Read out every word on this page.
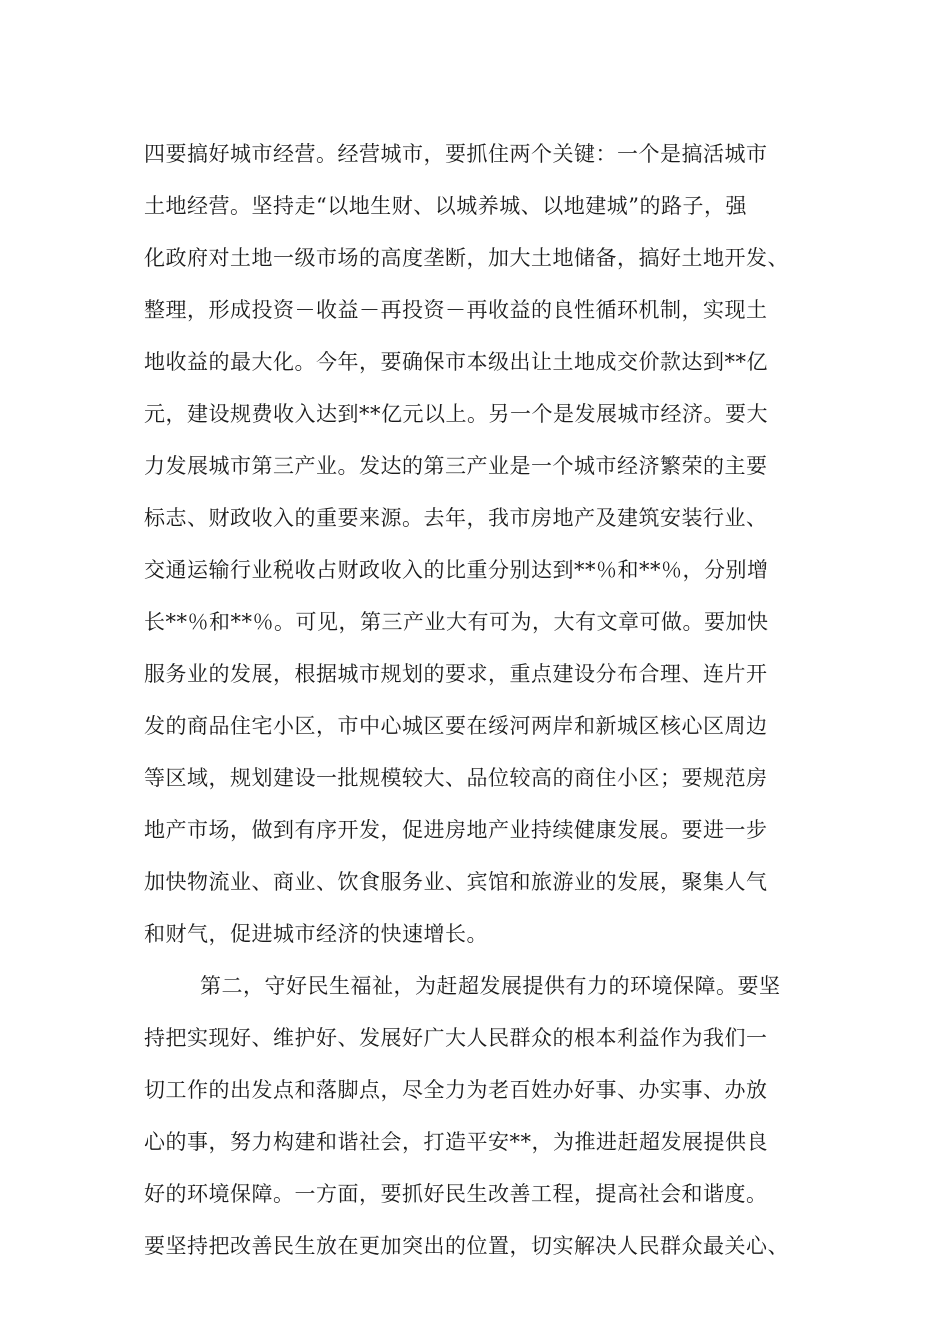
四要搞好城市经营。经营城市，要抓住两个关键：一个是搞活城市
土地经营。坚持走“以地生财、以城养城、以地建城”的路子，强
化政府对土地一级市场的高度垄断，加大土地储备，搞好土地开发、
整理，形成投资－收益－再投资－再收益的良性循环机制，实现土
地收益的最大化。今年，要确保市本级出让土地成交价款达到**亿
元，建设规费收入达到**亿元以上。另一个是发展城市经济。要大
力发展城市第三产业。发达的第三产业是一个城市经济繁荣的主要
标志、财政收入的重要来源。去年，我市房地产及建筑安装行业、
交通运输行业税收占财政收入的比重分别达到**％和**％，分别增
长**％和**％。可见，第三产业大有可为，大有文章可做。要加快
服务业的发展，根据城市规划的要求，重点建设分布合理、连片开
发的商品住宅小区，市中心城区要在绥河两岸和新城区核心区周边
等区域，规划建设一批规模较大、品位较高的商住小区；要规范房
地产市场，做到有序开发，促进房地产业持续健康发展。要进一步
加快物流业、商业、饮食服务业、宾馆和旅游业的发展，聚集人气
和财气，促进城市经济的快速增长。
第二，守好民生福祉，为赶超发展提供有力的环境保障。要坚
持把实现好、维护好、发展好广大人民群众的根本利益作为我们一
切工作的出发点和落脚点，尽全力为老百姓办好事、办实事、办放
心的事，努力构建和谐社会，打造平安**，为推进赶超发展提供良
好的环境保障。一方面，要抓好民生改善工程，提高社会和谐度。
要坚持把改善民生放在更加突出的位置，切实解决人民群众最关心、
